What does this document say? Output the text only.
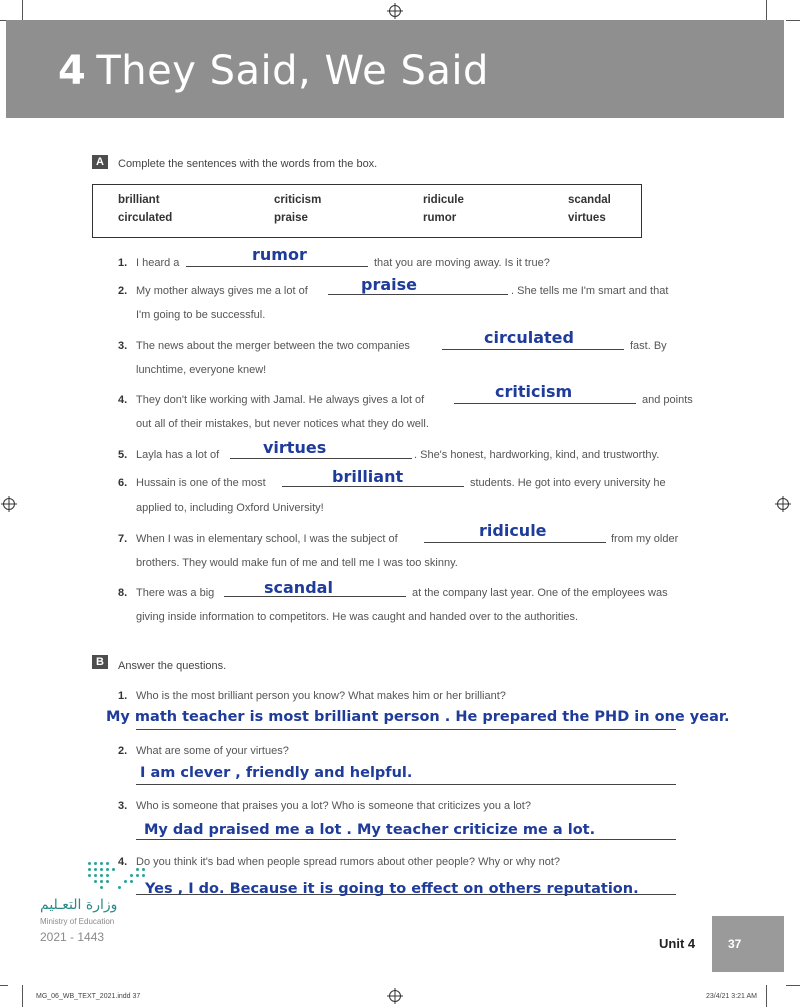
4 They Said, We Said
A	Complete the sentences with the words from the box.
brilliant	criticism	ridicule	scandal
circulated	praise	rumor	virtues
1. I heard a	rumor	that you are moving away. Is it true?
2. My mother always gives me a lot of	praise	. She tells me I'm smart and that
I'm going to be successful.
3. The news about the merger between the two companies	circulated	fast. By
lunchtime, everyone knew!
4. They don't like working with Jamal. He always gives a lot of	criticism	and points
out all of their mistakes, but never notices what they do well.
5. Layla has a lot of	virtues	. She's honest, hardworking, kind, and trustworthy.
6. Hussain is one of the most	brilliant	students. He got into every university he
applied to, including Oxford University!
7. When I was in elementary school, I was the subject of	ridicule	from my older
brothers. They would make fun of me and tell me I was too skinny.
8. There was a big	scandal	at the company last year. One of the employees was
giving inside information to competitors. He was caught and handed over to the authorities.
B	Answer the questions.
1. Who is the most brilliant person you know? What makes him or her brilliant?
My math teacher is most brilliant person . He prepared the PHD in one year.
2. What are some of your virtues?
I am clever , friendly and helpful.
3. Who is someone that praises you a lot? Who is someone that criticizes you a lot?
My dad praised me a lot . My teacher criticize me a lot.
4. Do you think it's bad when people spread rumors about other people? Why or why not?
Yes , I do. Because it is going to effect on others reputation.
وزارة التعـليم
Ministry of Education
2021 - 1443	Unit 4	37
MG_06_WB_TEXT_2021.indd 37	23/4/21 3:21 AM
